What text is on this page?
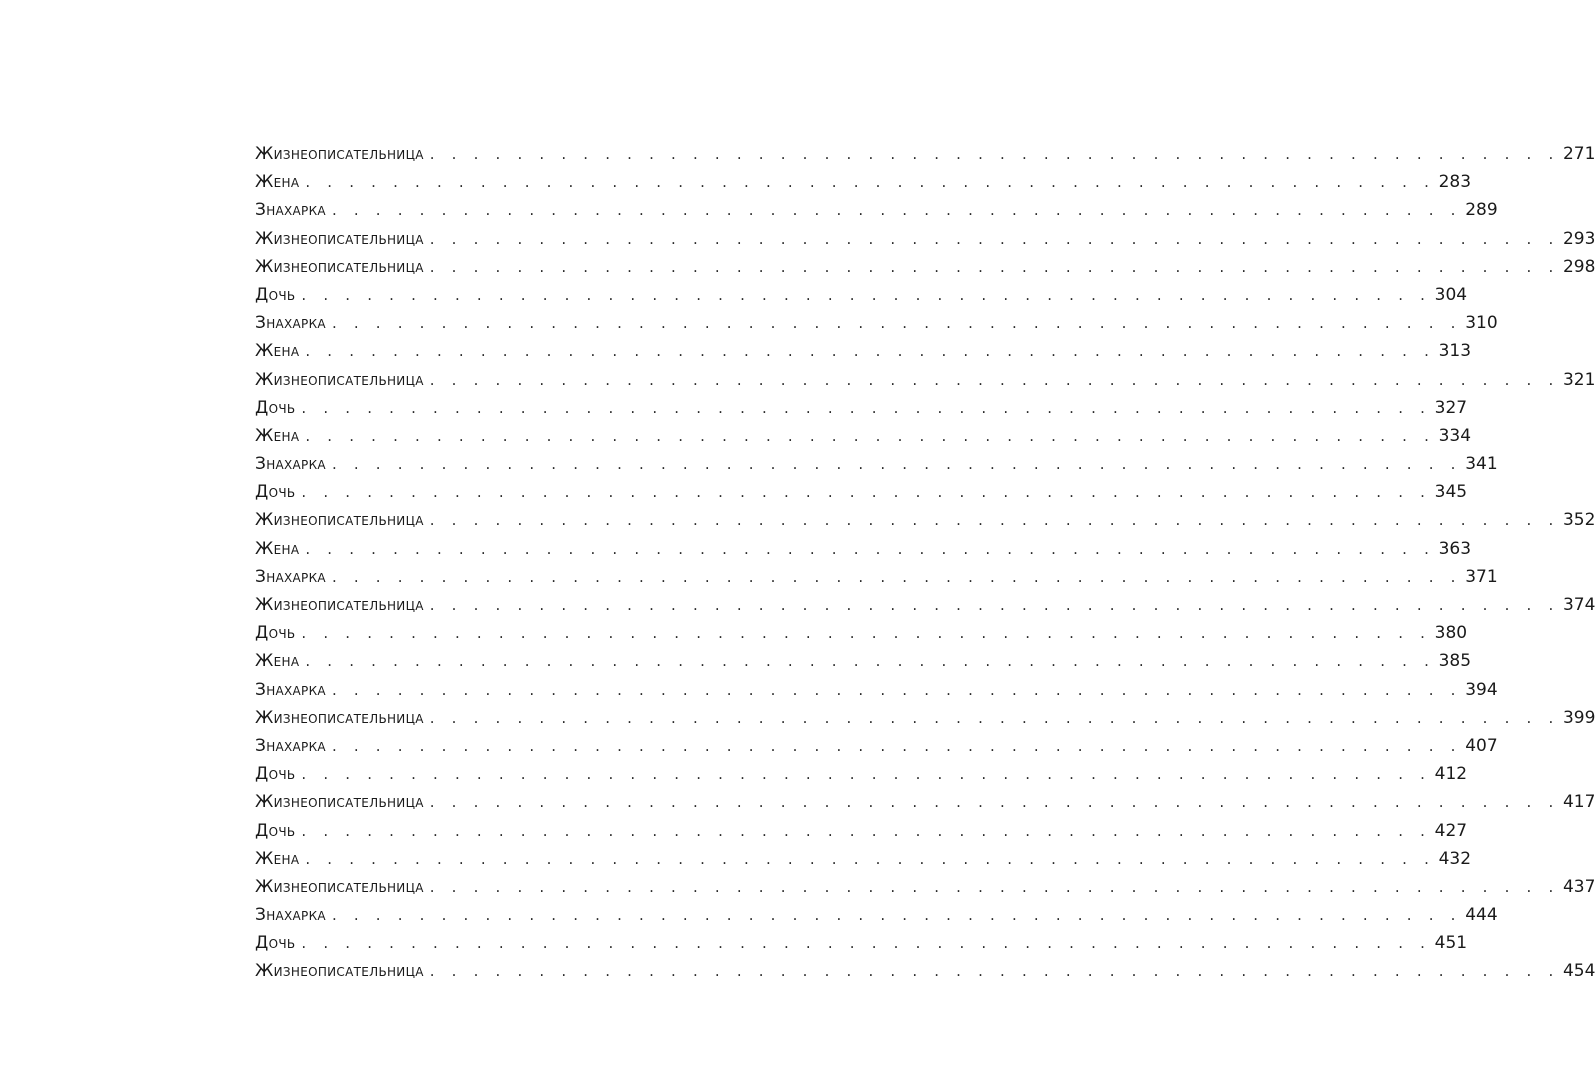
Жизнеописательница . . . . . . . . . . . . . . . . . . . . . . . . . . . . . . . . . . . . . . . . . . . . . . . . . . . . 271
Жена . . . . . . . . . . . . . . . . . . . . . . . . . . . . . . . . . . . . . . . . . . . . . . . . . . . . 283
Знахарка . . . . . . . . . . . . . . . . . . . . . . . . . . . . . . . . . . . . . . . . . . . . . . . . . . . . 289
Жизнеописательница . . . . . . . . . . . . . . . . . . . . . . . . . . . . . . . . . . . . . . . . . . . . . . . . . . . . 293
Жизнеописательница . . . . . . . . . . . . . . . . . . . . . . . . . . . . . . . . . . . . . . . . . . . . . . . . . . . . 298
Дочь . . . . . . . . . . . . . . . . . . . . . . . . . . . . . . . . . . . . . . . . . . . . . . . . . . . . 304
Знахарка . . . . . . . . . . . . . . . . . . . . . . . . . . . . . . . . . . . . . . . . . . . . . . . . . . . . 310
Жена . . . . . . . . . . . . . . . . . . . . . . . . . . . . . . . . . . . . . . . . . . . . . . . . . . . . 313
Жизнеописательница . . . . . . . . . . . . . . . . . . . . . . . . . . . . . . . . . . . . . . . . . . . . . . . . . . . . 321
Дочь . . . . . . . . . . . . . . . . . . . . . . . . . . . . . . . . . . . . . . . . . . . . . . . . . . . . 327
Жена . . . . . . . . . . . . . . . . . . . . . . . . . . . . . . . . . . . . . . . . . . . . . . . . . . . . 334
Знахарка . . . . . . . . . . . . . . . . . . . . . . . . . . . . . . . . . . . . . . . . . . . . . . . . . . . . 341
Дочь . . . . . . . . . . . . . . . . . . . . . . . . . . . . . . . . . . . . . . . . . . . . . . . . . . . . 345
Жизнеописательница . . . . . . . . . . . . . . . . . . . . . . . . . . . . . . . . . . . . . . . . . . . . . . . . . . . . 352
Жена . . . . . . . . . . . . . . . . . . . . . . . . . . . . . . . . . . . . . . . . . . . . . . . . . . . . 363
Знахарка . . . . . . . . . . . . . . . . . . . . . . . . . . . . . . . . . . . . . . . . . . . . . . . . . . . . 371
Жизнеописательница . . . . . . . . . . . . . . . . . . . . . . . . . . . . . . . . . . . . . . . . . . . . . . . . . . . . 374
Дочь . . . . . . . . . . . . . . . . . . . . . . . . . . . . . . . . . . . . . . . . . . . . . . . . . . . . 380
Жена . . . . . . . . . . . . . . . . . . . . . . . . . . . . . . . . . . . . . . . . . . . . . . . . . . . . 385
Знахарка . . . . . . . . . . . . . . . . . . . . . . . . . . . . . . . . . . . . . . . . . . . . . . . . . . . . 394
Жизнеописательница . . . . . . . . . . . . . . . . . . . . . . . . . . . . . . . . . . . . . . . . . . . . . . . . . . . . 399
Знахарка . . . . . . . . . . . . . . . . . . . . . . . . . . . . . . . . . . . . . . . . . . . . . . . . . . . . 407
Дочь . . . . . . . . . . . . . . . . . . . . . . . . . . . . . . . . . . . . . . . . . . . . . . . . . . . . 412
Жизнеописательница . . . . . . . . . . . . . . . . . . . . . . . . . . . . . . . . . . . . . . . . . . . . . . . . . . . . 417
Дочь . . . . . . . . . . . . . . . . . . . . . . . . . . . . . . . . . . . . . . . . . . . . . . . . . . . . 427
Жена . . . . . . . . . . . . . . . . . . . . . . . . . . . . . . . . . . . . . . . . . . . . . . . . . . . . 432
Жизнеописательница . . . . . . . . . . . . . . . . . . . . . . . . . . . . . . . . . . . . . . . . . . . . . . . . . . . . 437
Знахарка . . . . . . . . . . . . . . . . . . . . . . . . . . . . . . . . . . . . . . . . . . . . . . . . . . . . 444
Дочь . . . . . . . . . . . . . . . . . . . . . . . . . . . . . . . . . . . . . . . . . . . . . . . . . . . . 451
Жизнеописательница . . . . . . . . . . . . . . . . . . . . . . . . . . . . . . . . . . . . . . . . . . . . . . . . . . . . 454
